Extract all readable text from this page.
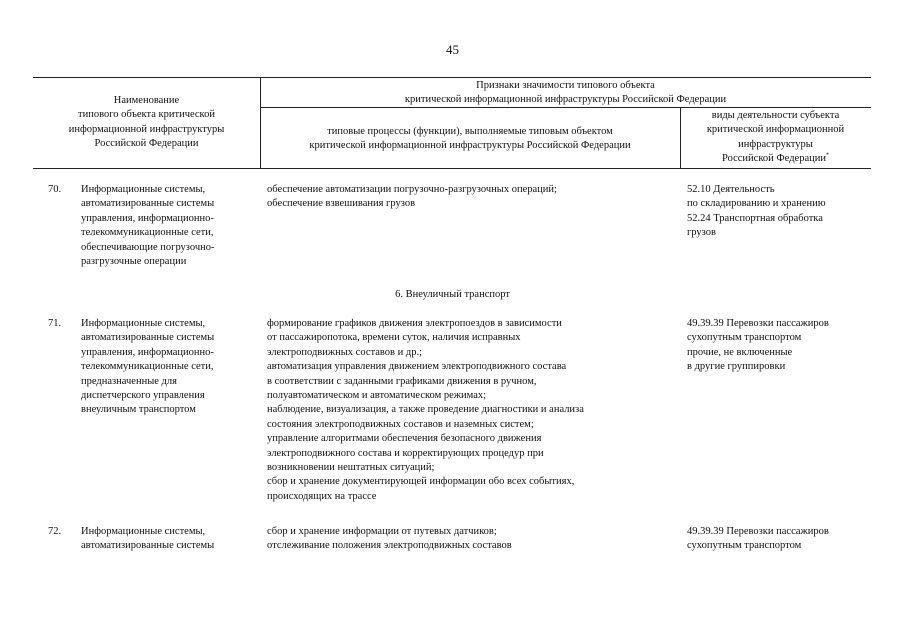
45
Наименование
типового объекта критической
информационной инфраструктуры
Российской Федерации
Признаки значимости типового объекта
критической информационной инфраструктуры Российской Федерации
типовые процессы (функции), выполняемые типовым объектом
критической информационной инфраструктуры Российской Федерации
виды деятельности субъекта
критической информационной
инфраструктуры
Российской Федерации*
70. Информационные системы,
автоматизированные системы
управления, информационно-
телекоммуникационные сети,
обеспечивающие погрузочно-
разгрузочные операции
обеспечение автоматизации погрузочно-разгрузочных операций;
обеспечение взвешивания грузов
52.10 Деятельность
по складированию и хранению
52.24 Транспортная обработка
грузов
6. Внеуличный транспорт
71. Информационные системы,
автоматизированные системы
управления, информационно-
телекоммуникационные сети,
предназначенные для
диспетчерского управления
внеуличным транспортом
формирование графиков движения электропоездов в зависимости
от пассажиропотока, времени суток, наличия исправных
электроподвижных составов и др.;
автоматизация управления движением электроподвижного состава
в соответствии с заданными графиками движения в ручном,
полуавтоматическом и автоматическом режимах;
наблюдение, визуализация, а также проведение диагностики и анализа
состояния электроподвижных составов и наземных систем;
управление алгоритмами обеспечения безопасного движения
электроподвижного состава и корректирующих процедур при
возникновении нештатных ситуаций;
сбор и хранение документирующей информации обо всех событиях,
происходящих на трассе
49.39.39 Перевозки пассажиров
сухопутным транспортом
прочие, не включенные
в другие группировки
72. Информационные системы,
автоматизированные системы
сбор и хранение информации от путевых датчиков;
отслеживание положения электроподвижных составов
49.39.39 Перевозки пассажиров
сухопутным транспортом
